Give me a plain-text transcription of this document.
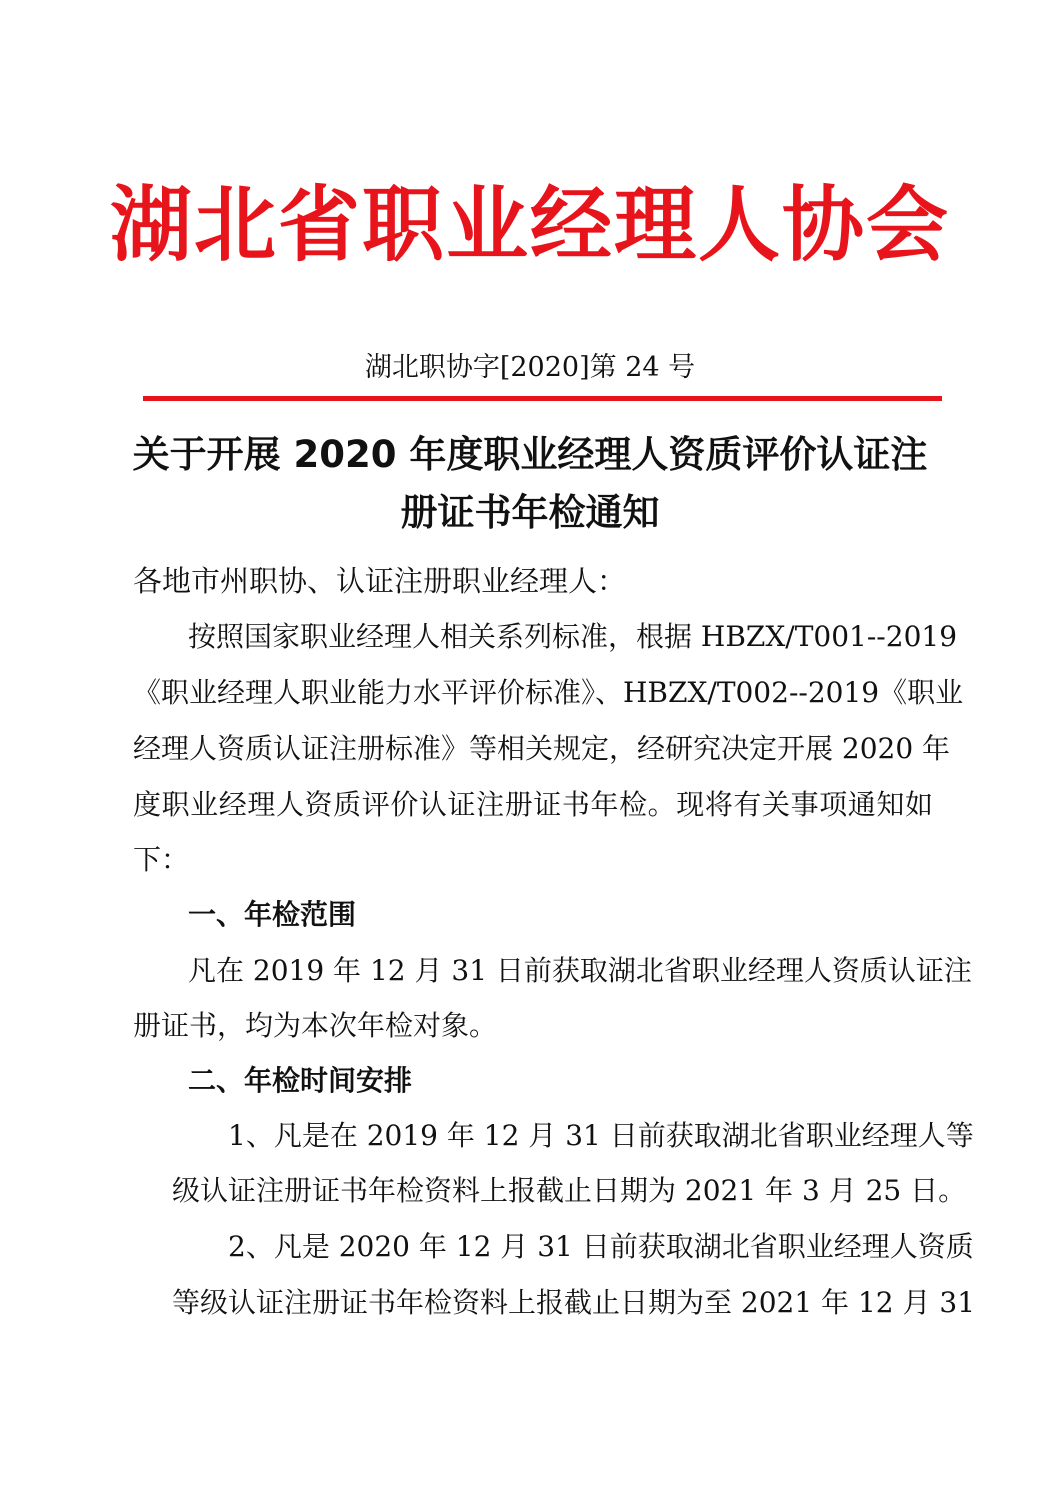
湖北省职业经理人协会
湖北职协字[2020]第 24 号
关于开展 2020 年度职业经理人资质评价认证注
册证书年检通知
各地市州职协、认证注册职业经理人：
按照国家职业经理人相关系列标准，根据 HBZX/T001--2019
《职业经理人职业能力水平评价标准》、HBZX/T002--2019《职业
经理人资质认证注册标准》等相关规定，经研究决定开展 2020 年
度职业经理人资质评价认证注册证书年检。现将有关事项通知如
下：
一、年检范围
凡在 2019 年 12 月 31 日前获取湖北省职业经理人资质认证注
册证书，均为本次年检对象。
二、年检时间安排
1、凡是在 2019 年 12 月 31 日前获取湖北省职业经理人等
级认证注册证书年检资料上报截止日期为 2021 年 3 月 25 日。
2、凡是 2020 年 12 月 31 日前获取湖北省职业经理人资质
等级认证注册证书年检资料上报截止日期为至 2021 年 12 月 31
